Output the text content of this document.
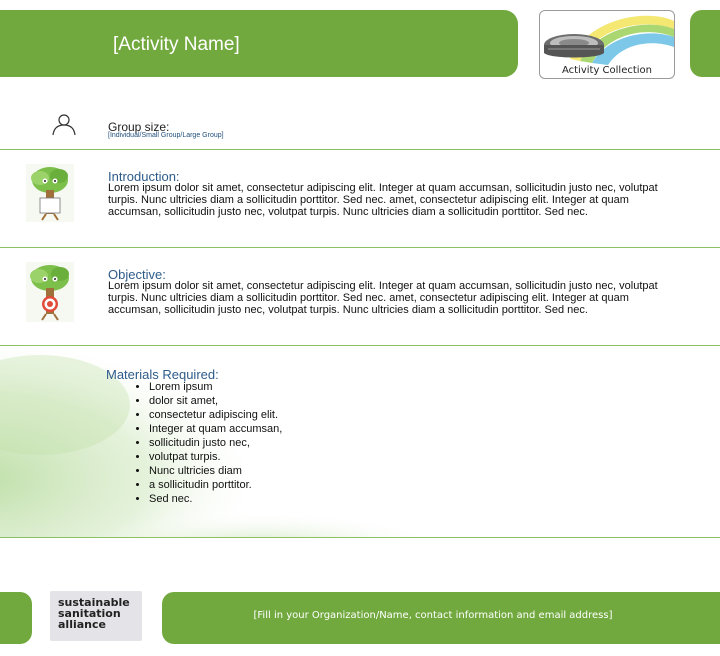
[Activity Name]
Activity Collection
Group size:
[Individual/Small Group/Large Group]
Introduction:
Lorem ipsum dolor sit amet, consectetur adipiscing elit. Integer at quam accumsan, sollicitudin justo nec, volutpat turpis. Nunc ultricies diam a sollicitudin porttitor. Sed nec. amet, consectetur adipiscing elit. Integer at quam accumsan, sollicitudin justo nec, volutpat turpis. Nunc ultricies diam a sollicitudin porttitor. Sed nec.
Objective:
Lorem ipsum dolor sit amet, consectetur adipiscing elit. Integer at quam accumsan, sollicitudin justo nec, volutpat turpis. Nunc ultricies diam a sollicitudin porttitor. Sed nec. amet, consectetur adipiscing elit. Integer at quam accumsan, sollicitudin justo nec, volutpat turpis. Nunc ultricies diam a sollicitudin porttitor. Sed nec.
Materials Required:
• Lorem ipsum
• dolor sit amet,
• consectetur adipiscing elit.
• Integer at quam accumsan,
• sollicitudin justo nec,
• volutpat turpis.
• Nunc ultricies diam
• a sollicitudin porttitor.
• Sed nec.
sustainable
sanitation
alliance
[Fill in your Organization/Name, contact information and email address]
